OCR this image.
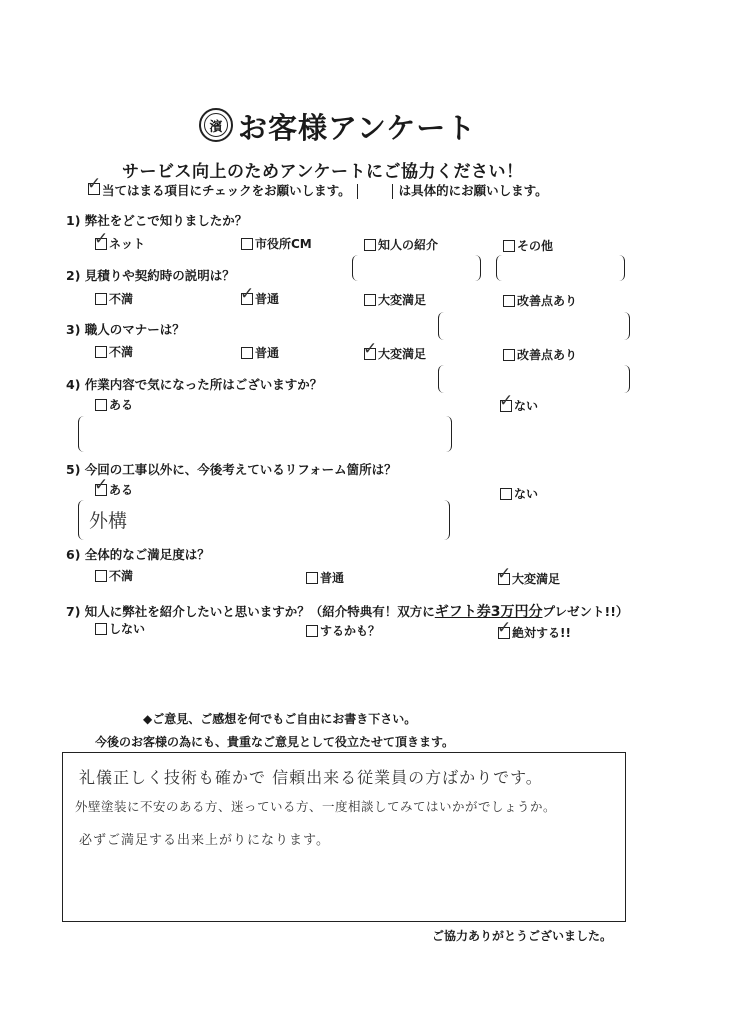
濱 お客様アンケート
サービス向上のためアンケートにご協力ください！
✓ 当てはまる項目にチェックをお願いします。	は具体的にお願いします。
1) 弊社をどこで知りましたか？
✓ ネット	市役所CM	知人の紹介	その他
2) 見積りや契約時の説明は？
不満	✓ 普通	大変満足	改善点あり
3) 職人のマナーは？
不満	普通	✓ 大変満足	改善点あり
4) 作業内容で気になった所はございますか？
ある	✓ ない
5) 今回の工事以外に、今後考えているリフォーム箇所は？
✓ ある	ない
外構
6) 全体的なご満足度は？
不満	普通	✓ 大変満足
7) 知人に弊社を紹介したいと思いますか？（紹介特典有！双方にギフト券3万円分プレゼント!!）
しない	するかも？	✓ 絶対する!!
◆ご意見、ご感想を何でもご自由にお書き下さい。
今後のお客様の為にも、貴重なご意見として役立たせて頂きます。
礼儀正しく技術も確かで 信頼出来る従業員の方ばかりです。
外壁塗装に不安のある方、迷っている方、一度相談してみてはいかがでしょうか。
必ずご満足する出来上がりになります。
ご協力ありがとうございました。
